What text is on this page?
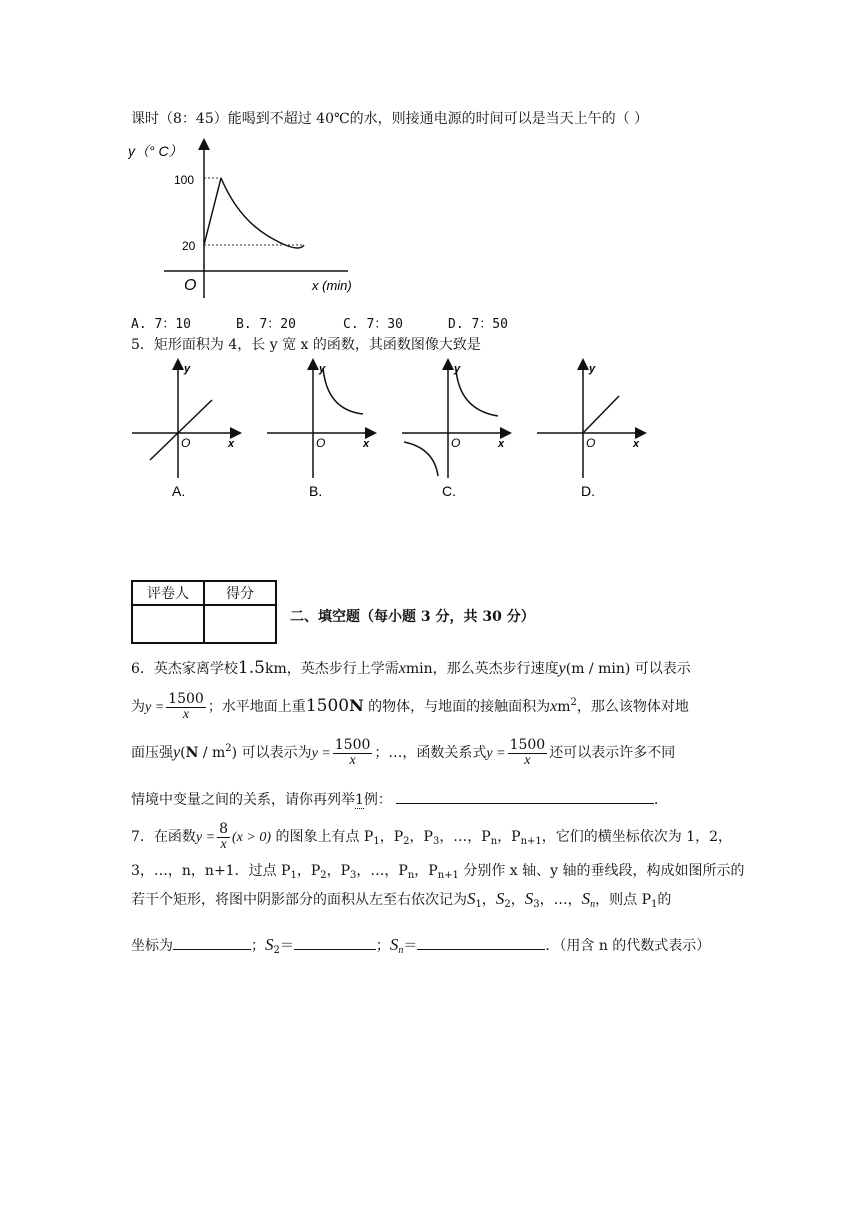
课时（8：45）能喝到不超过 40℃的水，则接通电源的时间可以是当天上午的（ ）
y（° C）
100
20
O	x (min)
A. 7：10	B. 7：20	C. 7：30	D. 7：50
5．矩形面积为 4，长 y 宽 x 的函数，其函数图像大致是
y
O	x
A.
y
O	x
B.
y
O	x
C.
y
O	x
D.
评卷人	得分

二、填空题（每小题 3 分，共 30 分）
6．英杰家离学校1.5km，英杰步行上学需xmin，那么英杰步行速度y(m / min) 可以表示
为$y = \frac{1500}{x}$ ；水平地面上重1500N 的物体，与地面的接触面积为$xm^2$，那么该物体对地
面压强$y(N / m^2)$ 可以表示为$y = \frac{1500}{x}$ ；…，函数关系式$y = \frac{1500}{x}$ 还可以表示许多不同
情境中变量之间的关系，请你再列举1例：	.
7．在函数$y = \frac{8}{x} (x > 0)$ 的图象上有点 $P_1$，$P_2$，$P_3$，…，$P_n$，$P_{n+1}$，它们的横坐标依次为 1，2，
3，…，n，n+1．过点 $P_1$，$P_2$，$P_3$，…，$P_n$，$P_{n+1}$ 分别作 x 轴、y 轴的垂线段，构成如图所示的
若干个矩形，将图中阴影部分的面积从左至右依次记为$S_1$，$S_2$，$S_3$，…，$S_n$，则点 $P_1$的
坐标为	；$S_2=$	；$S_n=$	．（用含 n 的代数式表示）
